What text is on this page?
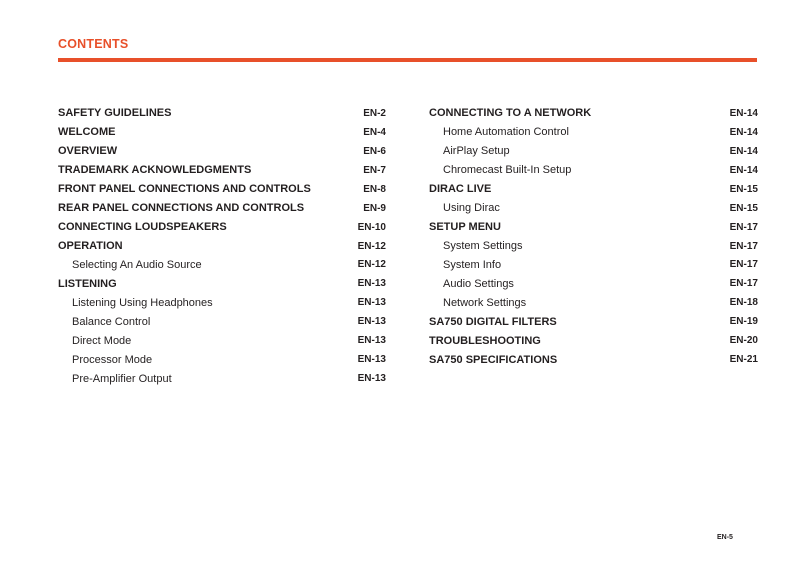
CONTENTS
SAFETY GUIDELINES	EN-2
WELCOME	EN-4
OVERVIEW	EN-6
TRADEMARK ACKNOWLEDGMENTS	EN-7
FRONT PANEL CONNECTIONS AND CONTROLS	EN-8
REAR PANEL CONNECTIONS AND CONTROLS	EN-9
CONNECTING LOUDSPEAKERS	EN-10
OPERATION	EN-12
Selecting An Audio Source	EN-12
LISTENING	EN-13
Listening Using Headphones	EN-13
Balance Control	EN-13
Direct Mode	EN-13
Processor Mode	EN-13
Pre-Amplifier Output	EN-13
CONNECTING TO A NETWORK	EN-14
Home Automation Control	EN-14
AirPlay Setup	EN-14
Chromecast Built-In Setup	EN-14
DIRAC LIVE	EN-15
Using Dirac	EN-15
SETUP MENU	EN-17
System Settings	EN-17
System Info	EN-17
Audio Settings	EN-17
Network Settings	EN-18
SA750 DIGITAL FILTERS	EN-19
TROUBLESHOOTING	EN-20
SA750 SPECIFICATIONS	EN-21
EN-5
